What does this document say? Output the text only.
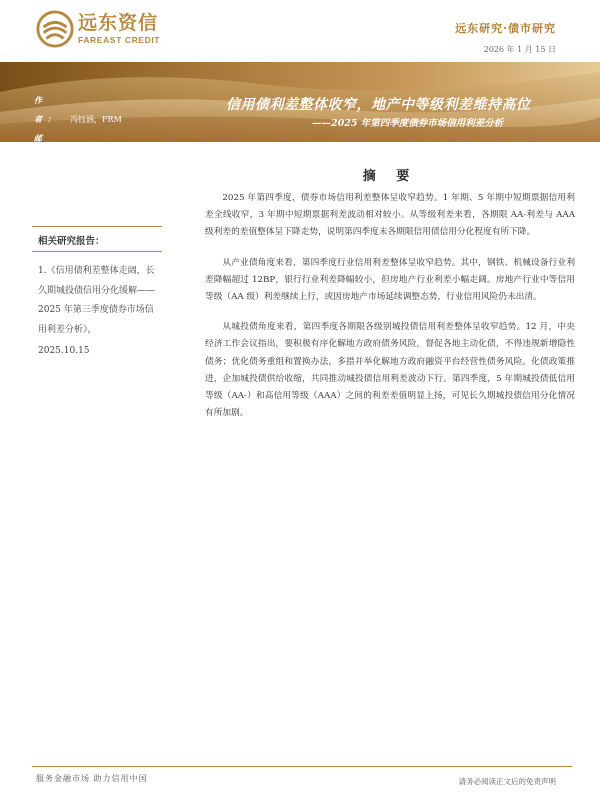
远东资信
FAREAST CREDIT
远东研究·债市研究
2026 年 1 月 15 日
作 者： 冯钰涵，FRM
邮 箱： research@fecr.com.cn
信用债利差整体收窄，地产中等级利差维持高位
——2025 年第四季度债券市场信用利差分析
相关研究报告：
1.《信用债利差整体走阔，长久期城投债信用分化缓解——2025 年第三季度债券市场信用利差分析》，
2025.10.15
摘 要

2025 年第四季度，债券市场信用利差整体呈收窄趋势。1 年期、5 年期中短期票据信用利差全线收窄，3 年期中短期票据利差波动相对较小。从等级利差来看，各期限 AA-利差与 AAA 级利差的差值整体呈下降走势，说明第四季度末各期限信用债信用分化程度有所下降。

从产业债角度来看，第四季度行业信用利差整体呈收窄趋势。其中，钢铁、机械设备行业利差降幅超过 12BP，银行行业利差降幅较小，但房地产行业利差小幅走阔。房地产行业中等信用等级（AA 级）利差继续上行，或因房地产市场延续调整态势，行业信用风险仍未出清。

从城投债角度来看，第四季度各期限各级别城投债信用利差整体呈收窄趋势。12 月，中央经济工作会议指出，要积极有序化解地方政府债务风险，督促各地主动化债，不得违规新增隐性债务；优化债务重组和置换办法，多措并举化解地方政府融资平台经营性债务风险。化债政策推进，企加城投债供给收缩，共同推动城投债信用利差波动下行。第四季度，5 年期城投债低信用等级（AA-）和高信用等级（AAA）之间的利差差值明显上扬，可见长久期城投债信用分化情况有所加剧。

服务金融市场 助力信用中国	请务必阅读正文后的免责声明
